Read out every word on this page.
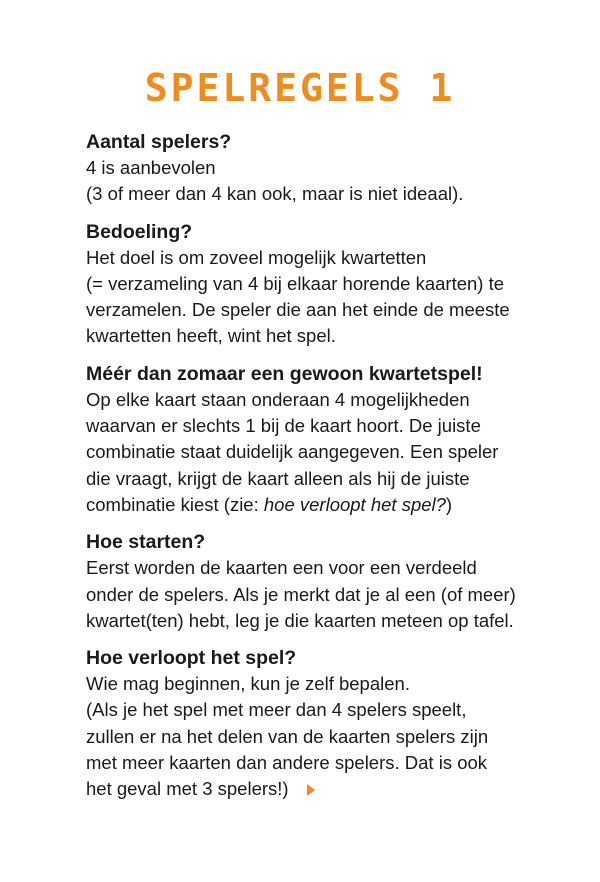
SPELREGELS 1

Aantal spelers?

4 is aanbevolen
(3 of meer dan 4 kan ook, maar is niet ideaal).

Bedoeling?

Het doel is om zoveel mogelijk kwartetten
(= verzameling van 4 bij elkaar horende kaarten) te
verzamelen. De speler die aan het einde de meeste
kwartetten heeft, wint het spel.

Méér dan zomaar een gewoon kwartetspel!

Op elke kaart staan onderaan 4 mogelijkheden
waarvan er slechts 1 bij de kaart hoort. De juiste
combinatie staat duidelijk aangegeven. Een speler
die vraagt, krijgt de kaart alleen als hij de juiste
combinatie kiest (zie: hoe verloopt het spel?)

Hoe starten?

Eerst worden de kaarten een voor een verdeeld
onder de spelers. Als je merkt dat je al een (of meer)
kwartet(ten) hebt, leg je die kaarten meteen op tafel.

Hoe verloopt het spel?

Wie mag beginnen, kun je zelf bepalen.
(Als je het spel met meer dan 4 spelers speelt,
zullen er na het delen van de kaarten spelers zijn
met meer kaarten dan andere spelers. Dat is ook
het geval met 3 spelers!)
